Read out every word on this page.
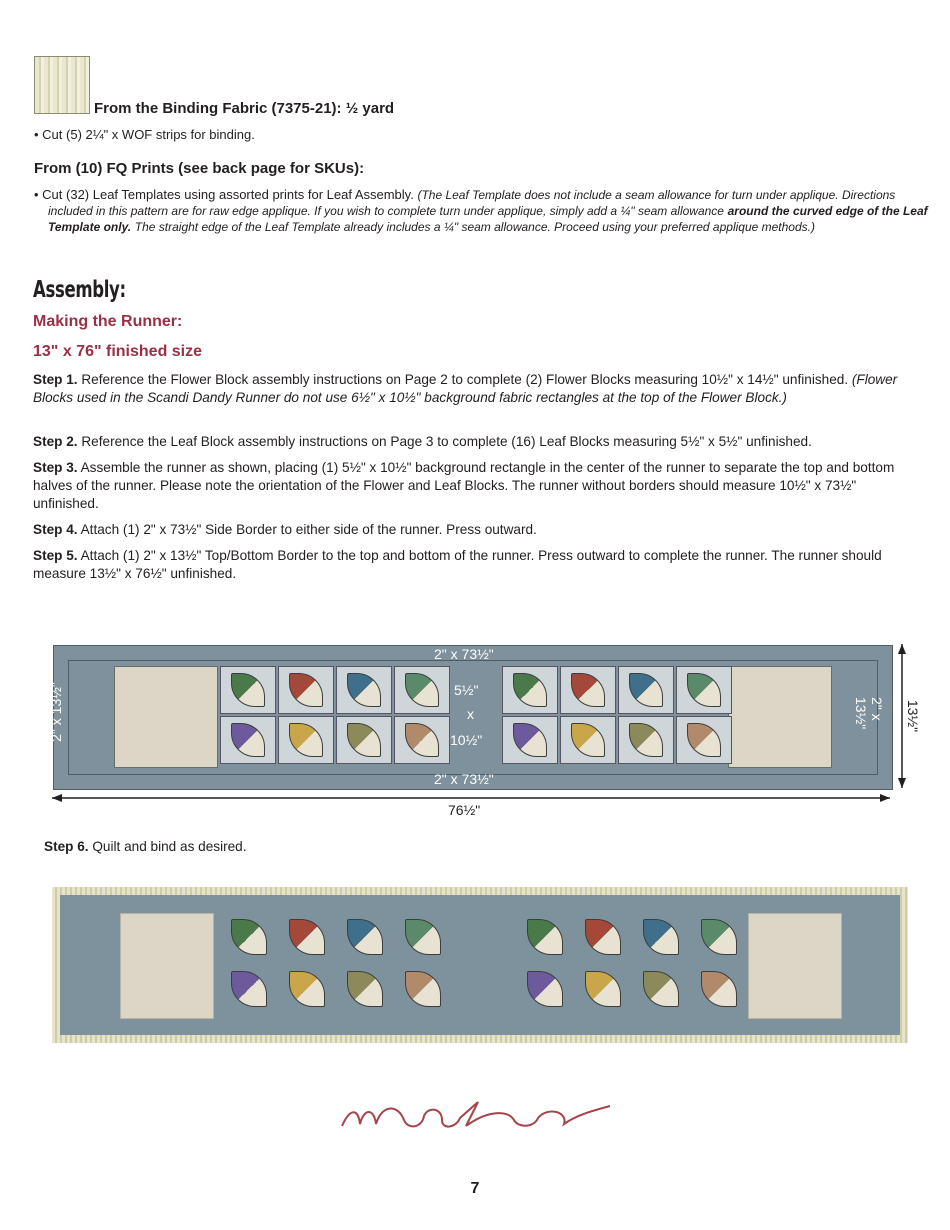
From the Binding Fabric (7375-21): ½ yard
• Cut (5) 2¼" x WOF strips for binding.
From (10) FQ Prints (see back page for SKUs):
• Cut (32) Leaf Templates using assorted prints for Leaf Assembly. (The Leaf Template does not include a seam allowance for turn under applique. Directions included in this pattern are for raw edge applique. If you wish to complete turn under applique, simply add a ¼" seam allowance around the curved edge of the Leaf Template only. The straight edge of the Leaf Template already includes a ¼" seam allowance. Proceed using your preferred applique methods.)
Assembly:
Making the Runner:
13" x 76" finished size
Step 1. Reference the Flower Block assembly instructions on Page 2 to complete (2) Flower Blocks measuring 10½" x 14½" unfinished. (Flower Blocks used in the Scandi Dandy Runner do not use 6½" x 10½" background fabric rectangles at the top of the Flower Block.)
Step 2. Reference the Leaf Block assembly instructions on Page 3 to complete (16) Leaf Blocks measuring 5½" x 5½" unfinished.
Step 3. Assemble the runner as shown, placing (1) 5½" x 10½" background rectangle in the center of the runner to separate the top and bottom halves of the runner. Please note the orientation of the Flower and Leaf Blocks. The runner without borders should measure 10½" x 73½" unfinished.
Step 4. Attach (1) 2" x 73½" Side Border to either side of the runner. Press outward.
Step 5. Attach (1) 2" x 13½" Top/Bottom Border to the top and bottom of the runner. Press outward to complete the runner. The runner should measure 13½" x 76½" unfinished.
2" x 73½"
2" x 73½"
5½"
x
10½"
2" x 13½"	2" x 13½"
76½"
13½"
Step 6. Quilt and bind as desired.
moda
7
